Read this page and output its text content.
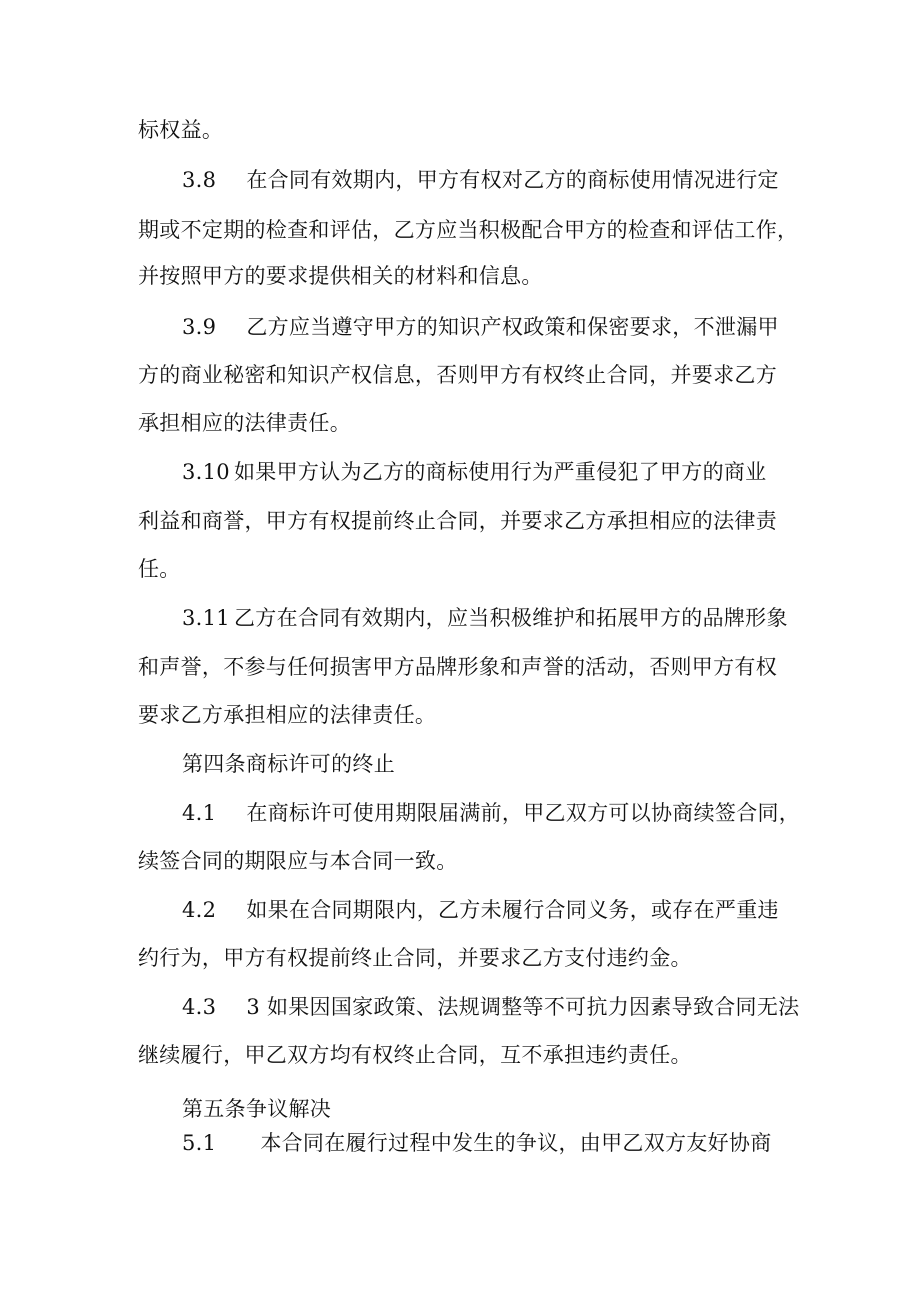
标权益。
3.8 在合同有效期内，甲方有权对乙方的商标使用情况进行定
期或不定期的检查和评估，乙方应当积极配合甲方的检查和评估工作，
并按照甲方的要求提供相关的材料和信息。
3.9 乙方应当遵守甲方的知识产权政策和保密要求，不泄漏甲
方的商业秘密和知识产权信息，否则甲方有权终止合同，并要求乙方
承担相应的法律责任。
3.10 如果甲方认为乙方的商标使用行为严重侵犯了甲方的商业
利益和商誉，甲方有权提前终止合同，并要求乙方承担相应的法律责
任。
3.11 乙方在合同有效期内，应当积极维护和拓展甲方的品牌形象
和声誉，不参与任何损害甲方品牌形象和声誉的活动，否则甲方有权
要求乙方承担相应的法律责任。
第四条商标许可的终止
4.1 在商标许可使用期限届满前，甲乙双方可以协商续签合同，
续签合同的期限应与本合同一致。
4.2 如果在合同期限内，乙方未履行合同义务，或存在严重违
约行为，甲方有权提前终止合同，并要求乙方支付违约金。
4.3 3 如果因国家政策、法规调整等不可抗力因素导致合同无法
继续履行，甲乙双方均有权终止合同，互不承担违约责任。
第五条争议解决
5.1 本合同在履行过程中发生的争议，由甲乙双方友好协商
